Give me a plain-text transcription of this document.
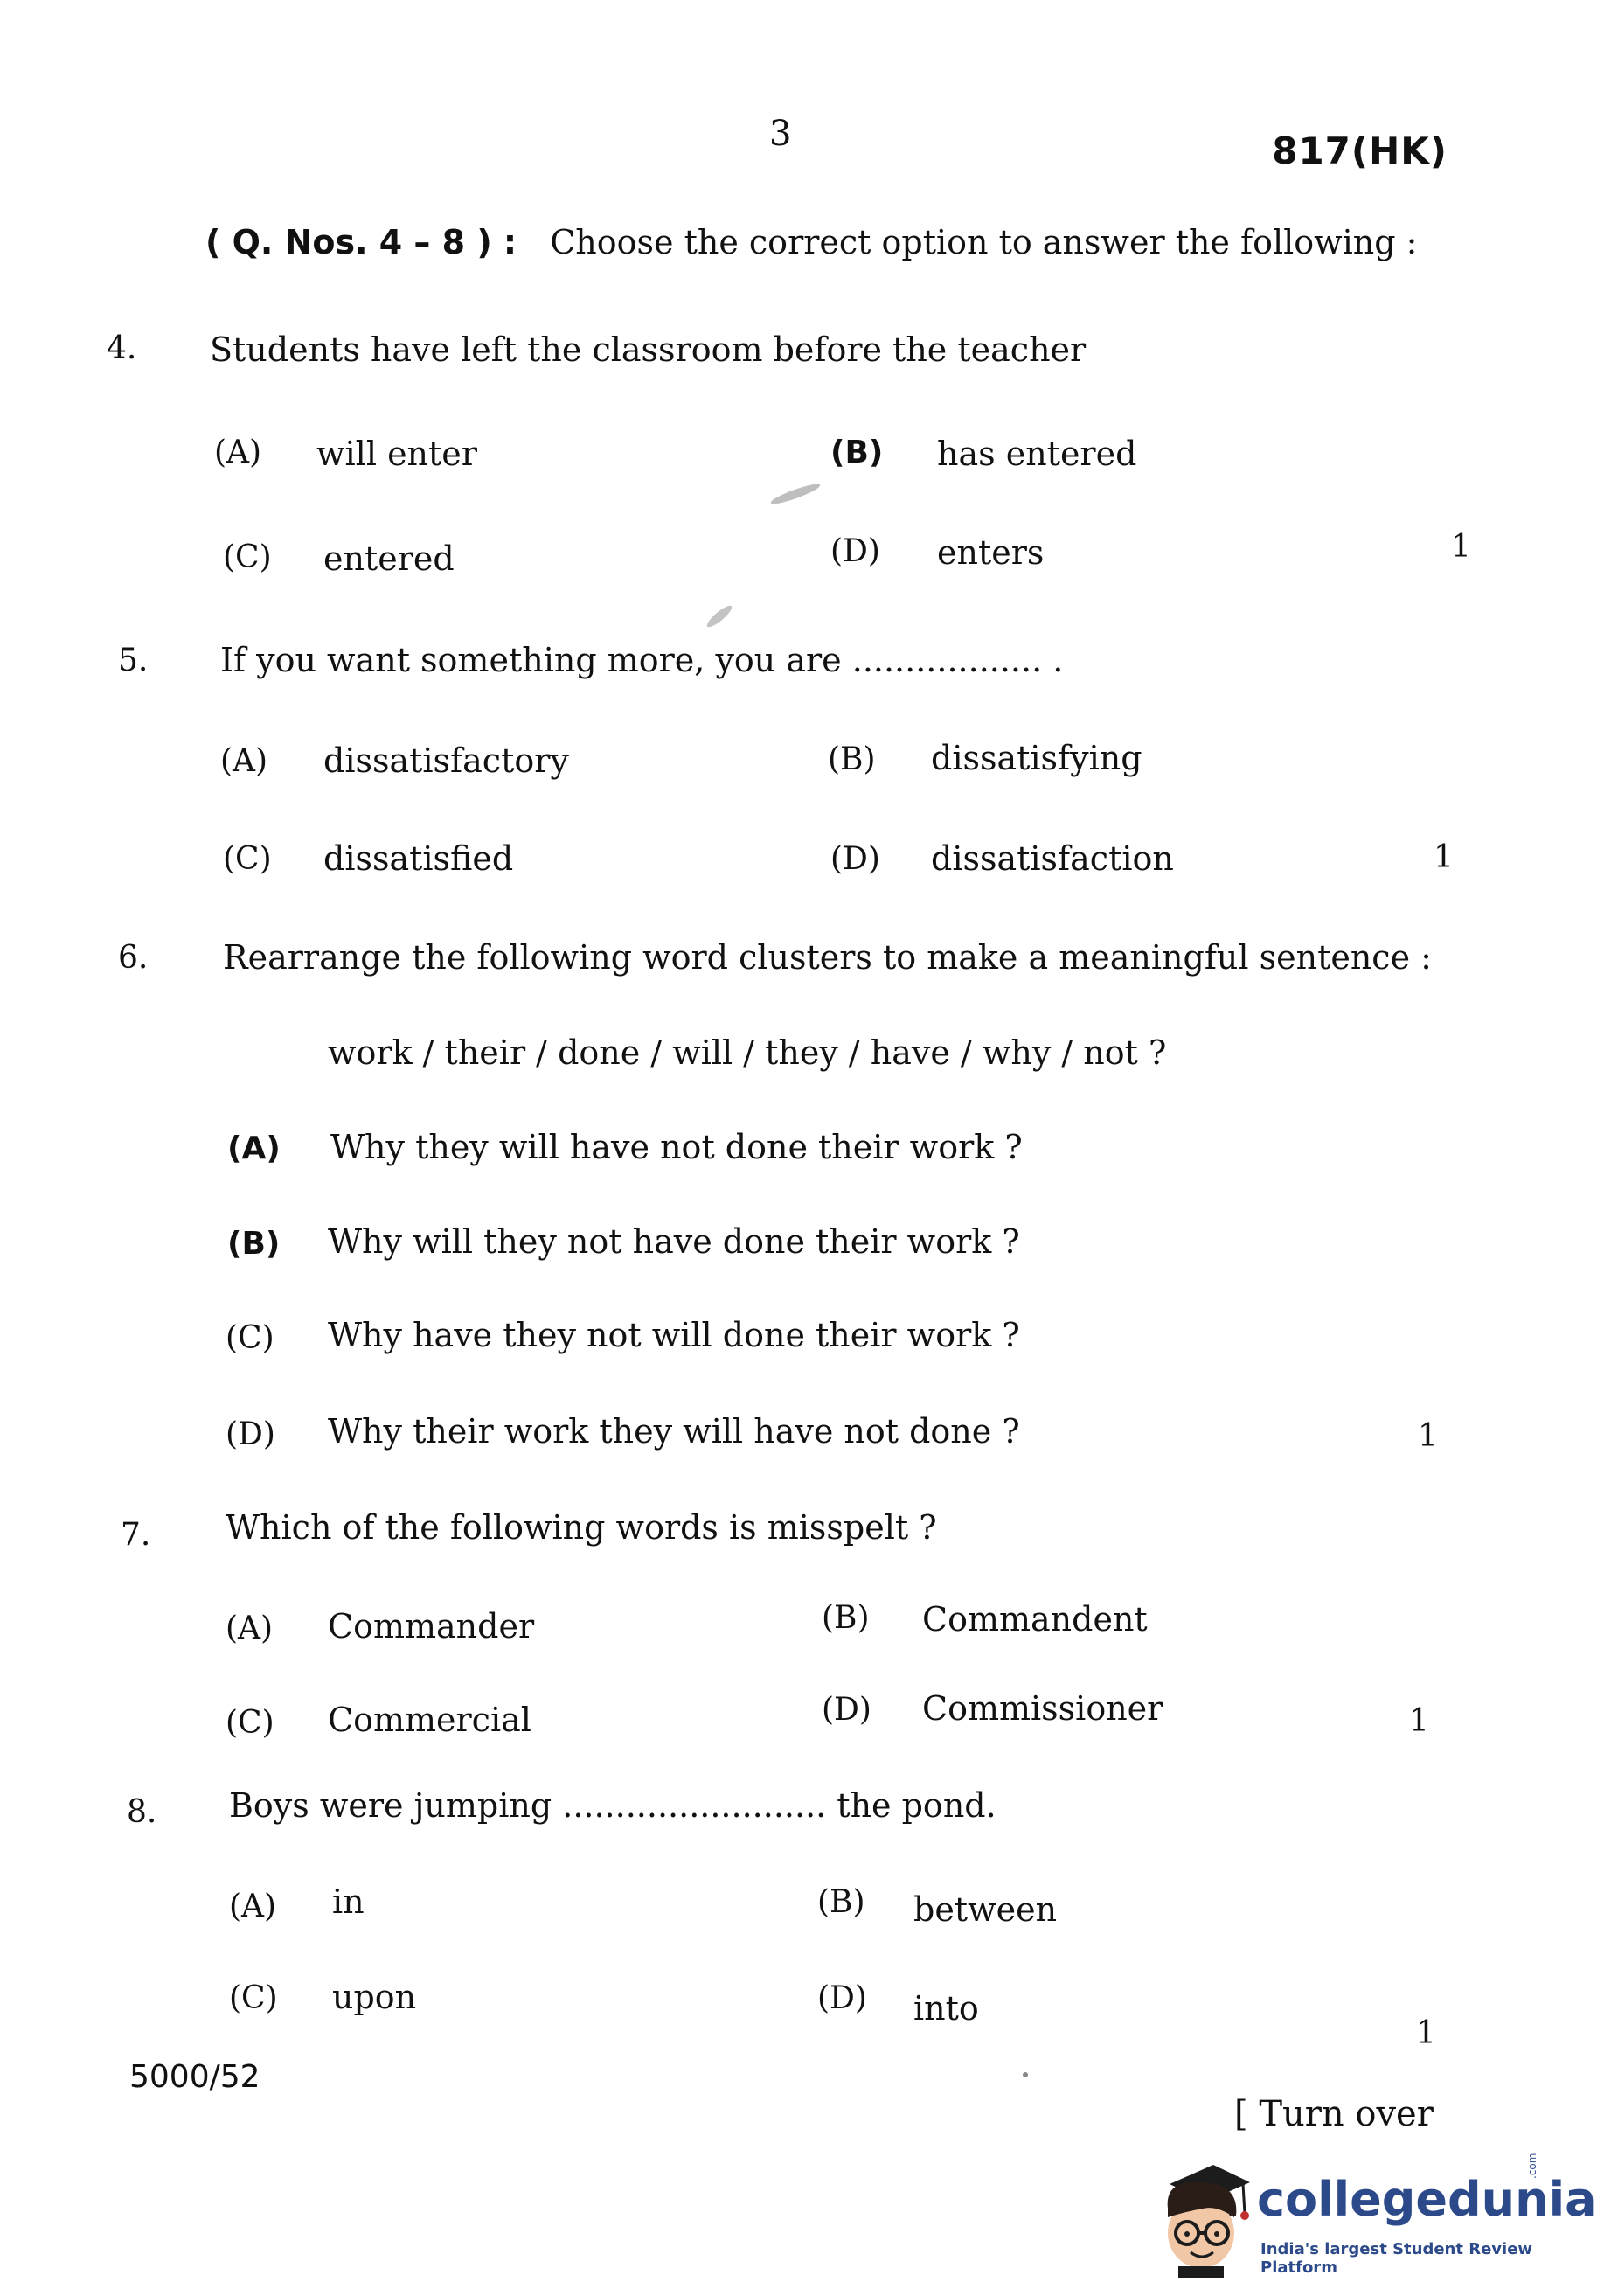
3	817(HK)
( Q. Nos. 4 – 8 ) : Choose the correct option to answer the following :
4. Students have left the classroom before the teacher
(A) will enter	(B) has entered
(C) entered	(D) enters	1
5. If you want something more, you are .................. .
(A) dissatisfactory	(B) dissatisfying
(C) dissatisfied	(D) dissatisfaction	1
6. Rearrange the following word clusters to make a meaningful sentence :
work / their / done / will / they / have / why / not ?
(A) Why they will have not done their work ?
(B) Why will they not have done their work ?
(C) Why have they not will done their work ?
(D) Why their work they will have not done ?	1
7. Which of the following words is misspelt ?
(A) Commander	(B) Commandent
(C) Commercial	(D) Commissioner	1
8. Boys were jumping ......................... the pond.
(A) in	(B) between
(C) upon	(D) into
1
5000/52
[ Turn over
collegedunia
.com
India's largest Student Review Platform
